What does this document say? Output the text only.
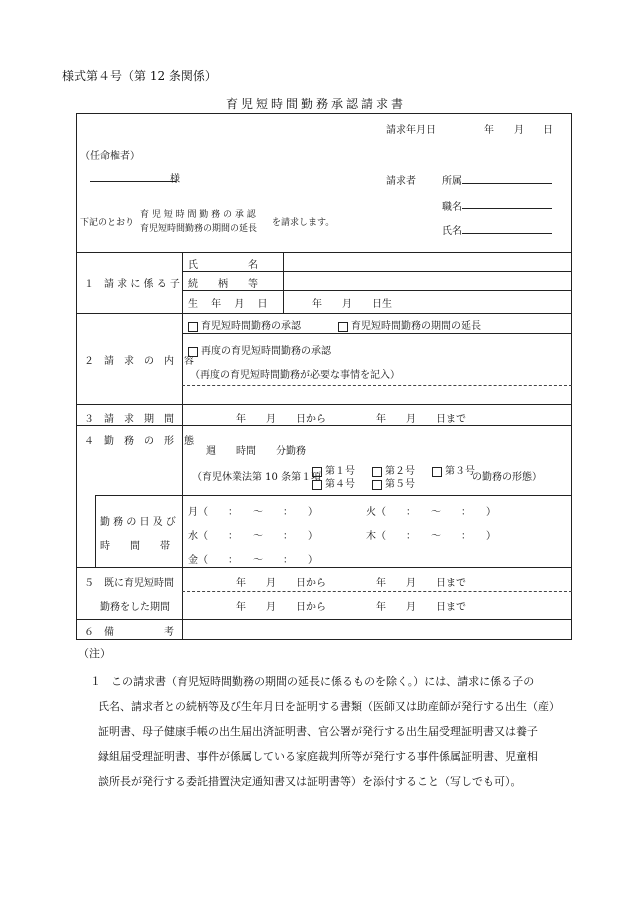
様式第４号（第 12 条関係）
育児短時間勤務承認請求書
請求年月日	年 月 日
（任命権者）
様	請求者	所属
職名
氏名
下記のとおり
育 児 短 時 間 勤 務 の 承 認
育児短時間勤務の期間の延長
を請求します。
１　請 求 に 係 る 子
氏　　　　　名
続　　柄　　等
生　 年　 月　 日	年　　月　　日生
２　請　求　の　内　容
育児短時間勤務の承認	育児短時間勤務の期間の延長
再度の育児短時間勤務の承認
（再度の育児短時間勤務が必要な事情を記入）
３　請　求　期　間	年　　月　　日から　　　　　年　　月　　日まで
４　勤　務　の　形　態
週　　時間　　分勤務
（育児休業法第 10 条第１項
第１号	第２号	第３号
第４号	第５号
の勤務の形態）
勤 務 の 日 及 び
時　　間　　帯
月（　　：　　～　　：　　）	火（　　：　　～　　：　　）
水（　　：　　～　　：　　）	木（　　：　　～　　：　　）
金（　　：　　～　　：　　）
５　既に育児短時間
勤務をした期間
年　　月　　日から　　　　　年　　月　　日まで
年　　月　　日から　　　　　年　　月　　日まで
６　備　　　　　考
（注）
１ この請求書（育児短時間勤務の期間の延長に係るものを除く。）には、請求に係る子の
氏名、請求者との続柄等及び生年月日を証明する書類（医師又は助産師が発行する出生（産）
証明書、母子健康手帳の出生届出済証明書、官公署が発行する出生届受理証明書又は養子
縁組届受理証明書、事件が係属している家庭裁判所等が発行する事件係属証明書、児童相
談所長が発行する委託措置決定通知書又は証明書等）を添付すること（写しでも可）。
